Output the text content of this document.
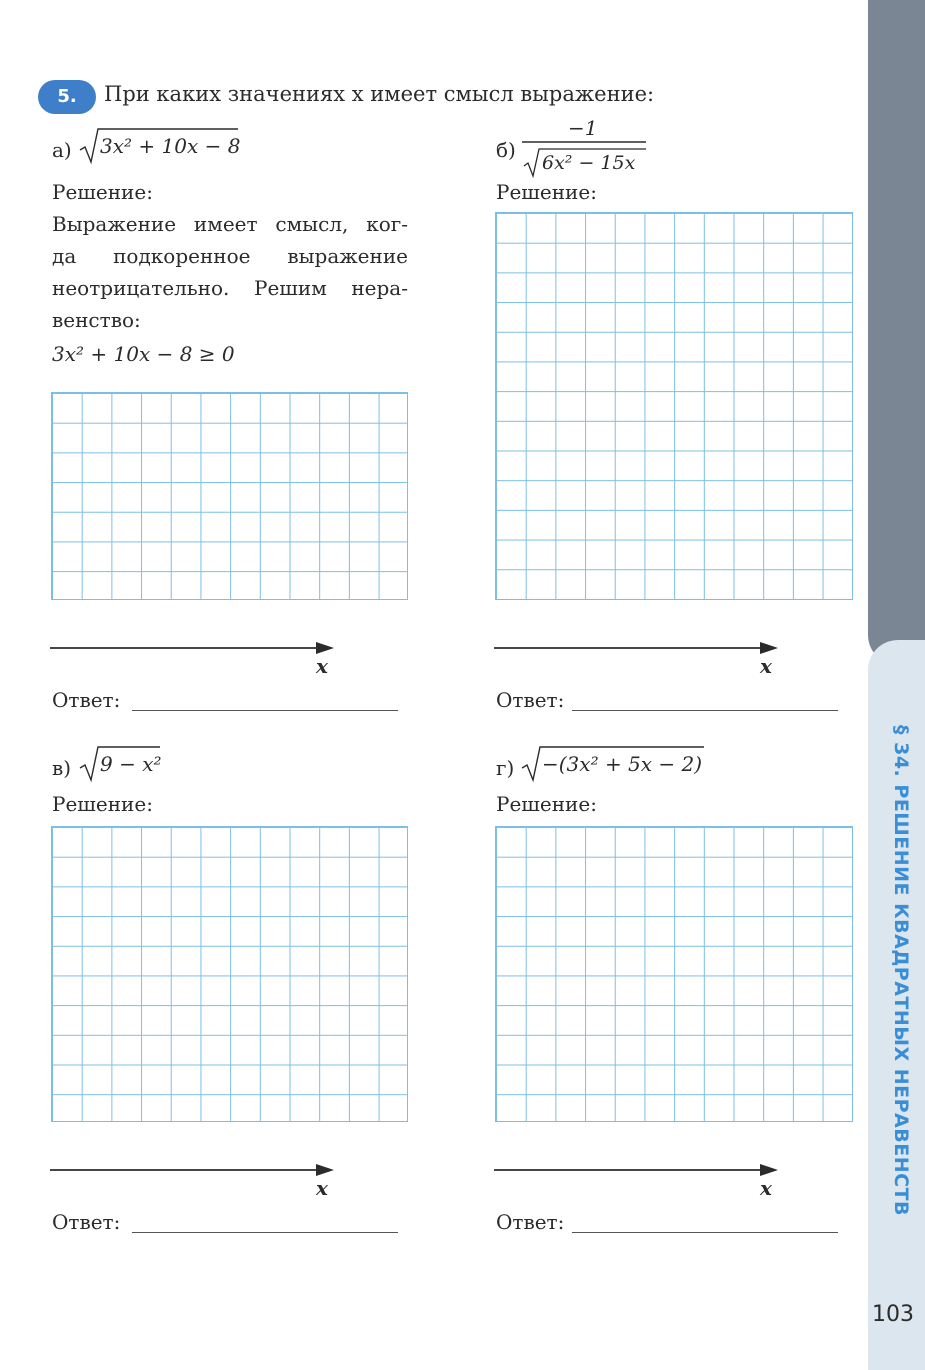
§ 34. РЕШЕНИЕ КВАДРАТНЫХ НЕРАВЕНСТВ
103
5.	При каких значениях x имеет смысл выражение:
а) 3x² + 10x − 8
Решение:
Выражение имеет смысл, ког-
да подкоренное выражение
неотрицательно. Решим нера-
венство:
3x² + 10x − 8 ≥ 0
x
Ответ:
б)
−1
6x² − 15x
Решение:
x
Ответ:
в) 9 − x²
Решение:
x
Ответ:
г) −(3x² + 5x − 2)
Решение:
x
Ответ:
